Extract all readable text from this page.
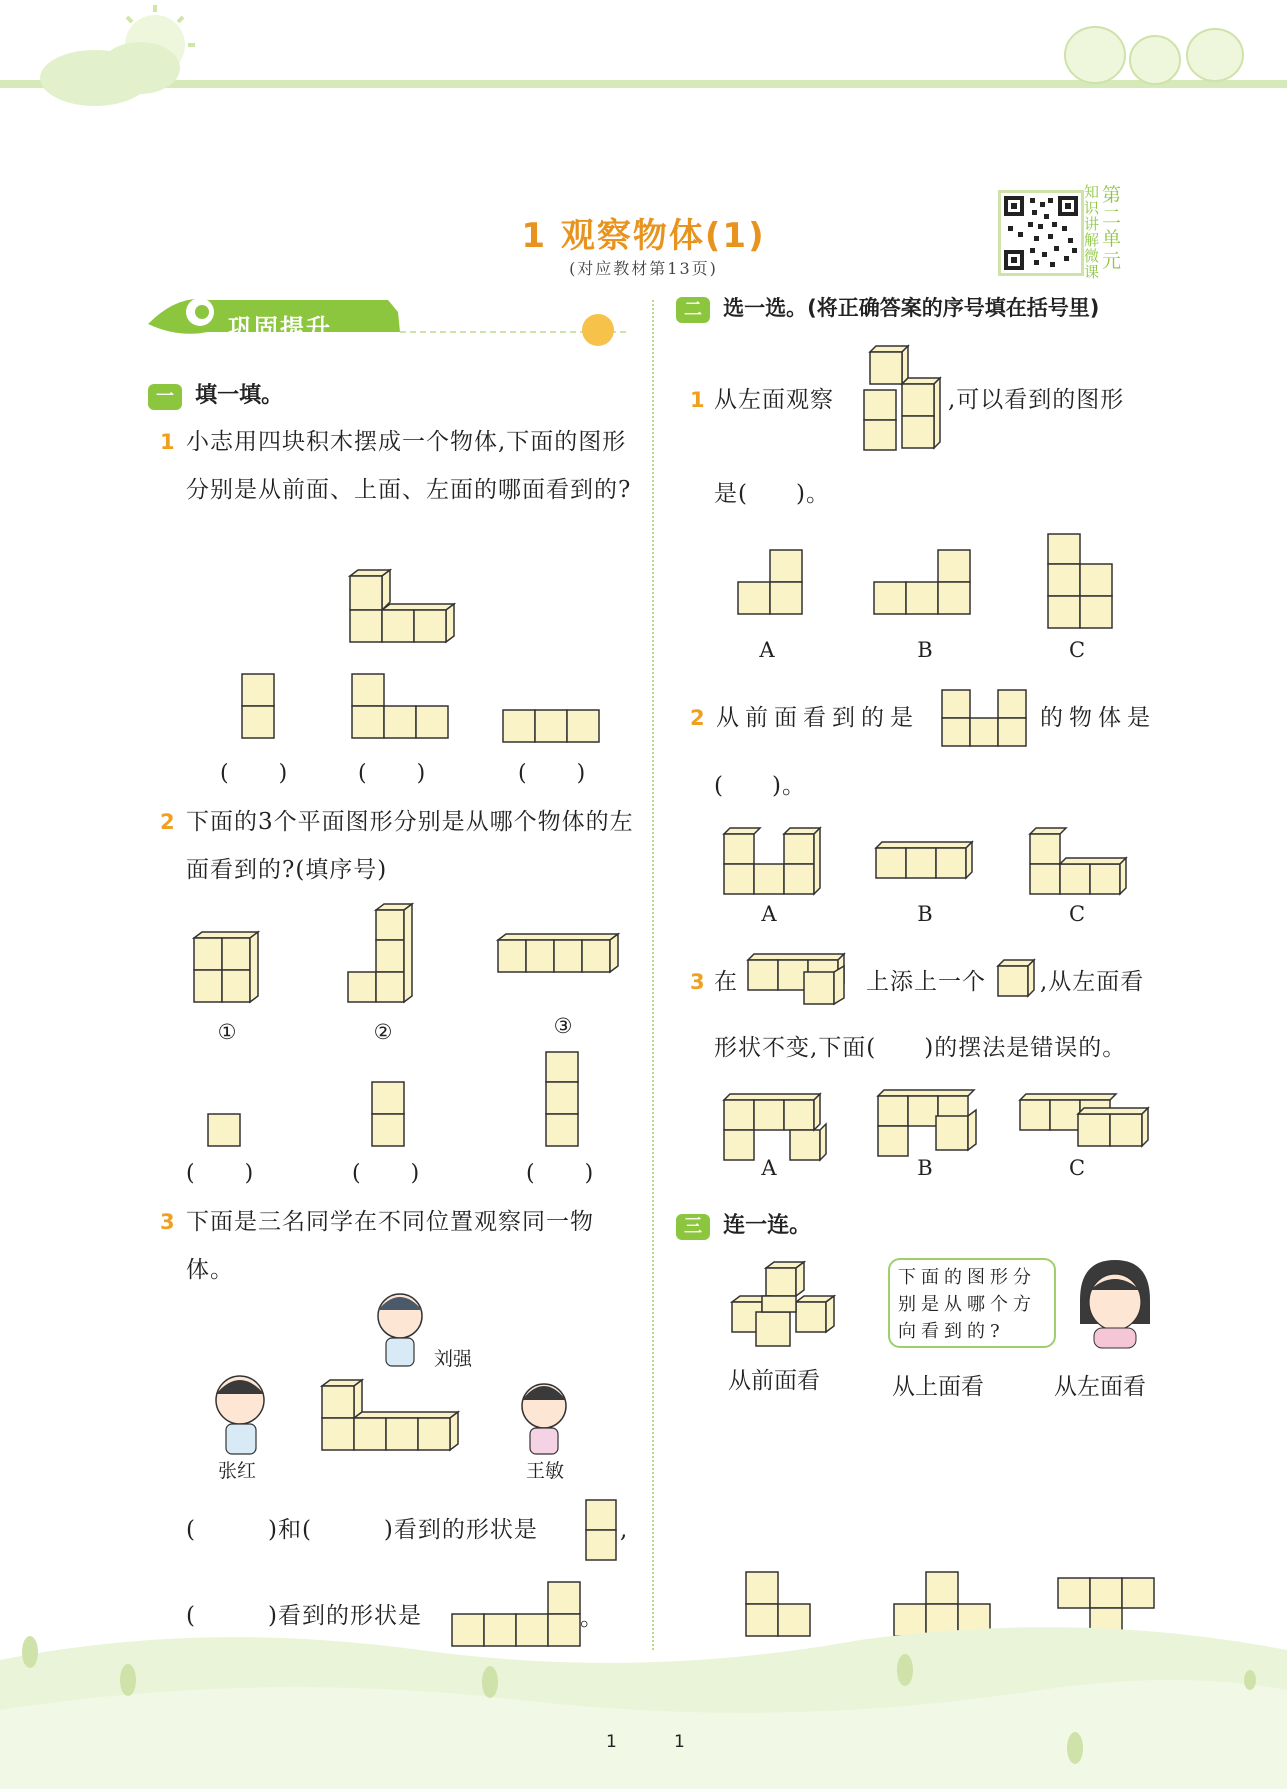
1 观察物体(1)
(对应教材第13页)
知识讲解微课
第二单元
巩固提升
一 填一填。
1 小志用四块积木摆成一个物体,下面的图形分别是从前面、上面、左面的哪面看到的?
(　　)	(　　)	(　　)
2 下面的3个平面图形分别是从哪个物体的左面看到的?(填序号)
①	②	③
(　　)	(　　)	(　　)
3 下面是三名同学在不同位置观察同一物体。
刘强
张红	王敏
(　　　)和(　　　)看到的形状是	,
(　　　)看到的形状是	。
二 选一选。(将正确答案的序号填在括号里)
1 从左面观察	,可以看到的图形
是(　　)。
A	B	C
2 从前面看到的是	的物体是
(　　)。
A	B	C
3 在	上添上一个 ,从左面看
形状不变,下面(　　)的摆法是错误的。
A	B	C
三 连一连。
下面的图形分别是从哪个方向看到的?
从前面看	从上面看	从左面看
1	1
